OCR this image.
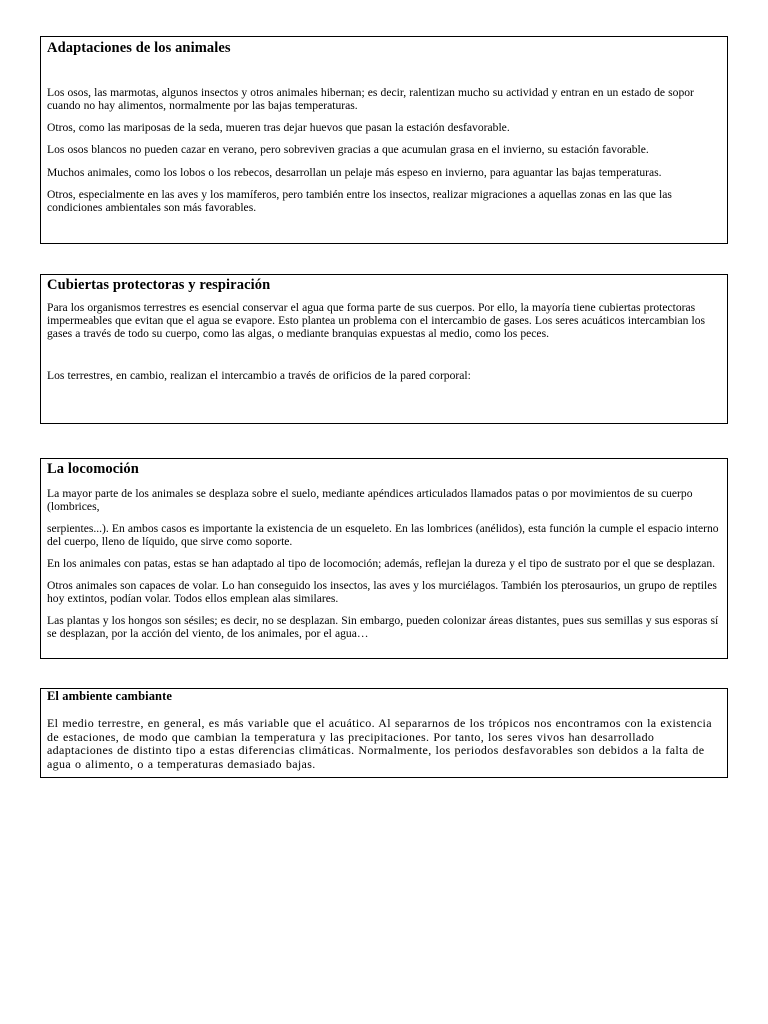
Adaptaciones de los animales

Los osos, las marmotas, algunos insectos y otros animales hibernan; es decir, ralentizan mucho su actividad y entran en un estado de sopor cuando no hay alimentos, normalmente por las bajas temperaturas.

Otros, como las mariposas de la seda, mueren tras dejar huevos que pasan la estación desfavorable.

Los osos blancos no pueden cazar en verano, pero sobreviven gracias a que acumulan grasa en el invierno, su estación favorable.

Muchos animales, como los lobos o los rebecos, desarrollan un pelaje más espeso en invierno, para aguantar las bajas temperaturas.

Otros, especialmente en las aves y los mamíferos, pero también entre los insectos, realizar migraciones a aquellas zonas en las que las condiciones ambientales son más favorables.

Cubiertas protectoras y respiración

Para los organismos terrestres es esencial conservar el agua que forma parte de sus cuerpos. Por ello, la mayoría tiene cubiertas protectoras impermeables que evitan que el agua se evapore. Esto plantea un problema con el intercambio de gases. Los seres acuáticos intercambian los gases a través de todo su cuerpo, como las algas, o mediante branquias expuestas al medio, como los peces.

Los terrestres, en cambio, realizan el intercambio a través de orificios de la pared corporal:

La locomoción

La mayor parte de los animales se desplaza sobre el suelo, mediante apéndices articulados llamados patas o por movimientos de su cuerpo (lombrices,

serpientes...). En ambos casos es importante la existencia de un esqueleto. En las lombrices (anélidos), esta función la cumple el espacio interno del cuerpo, lleno de líquido, que sirve como soporte.

En los animales con patas, estas se han adaptado al tipo de locomoción; además, reflejan la dureza y el tipo de sustrato por el que se desplazan.

Otros animales son capaces de volar. Lo han conseguido los insectos, las aves y los murciélagos. También los pterosaurios, un grupo de reptiles hoy extintos, podían volar. Todos ellos emplean alas similares.

Las plantas y los hongos son sésiles; es decir, no se desplazan. Sin embargo, pueden colonizar áreas distantes, pues sus semillas y sus esporas sí se desplazan, por la acción del viento, de los animales, por el agua…

El ambiente cambiante

El medio terrestre, en general, es más variable que el acuático. Al separarnos de los trópicos nos encontramos con la existencia de estaciones, de modo que cambian la temperatura y las precipitaciones. Por tanto, los seres vivos han desarrollado adaptaciones de distinto tipo a estas diferencias climáticas. Normalmente, los periodos desfavorables son debidos a la falta de agua o alimento, o a temperaturas demasiado bajas.
